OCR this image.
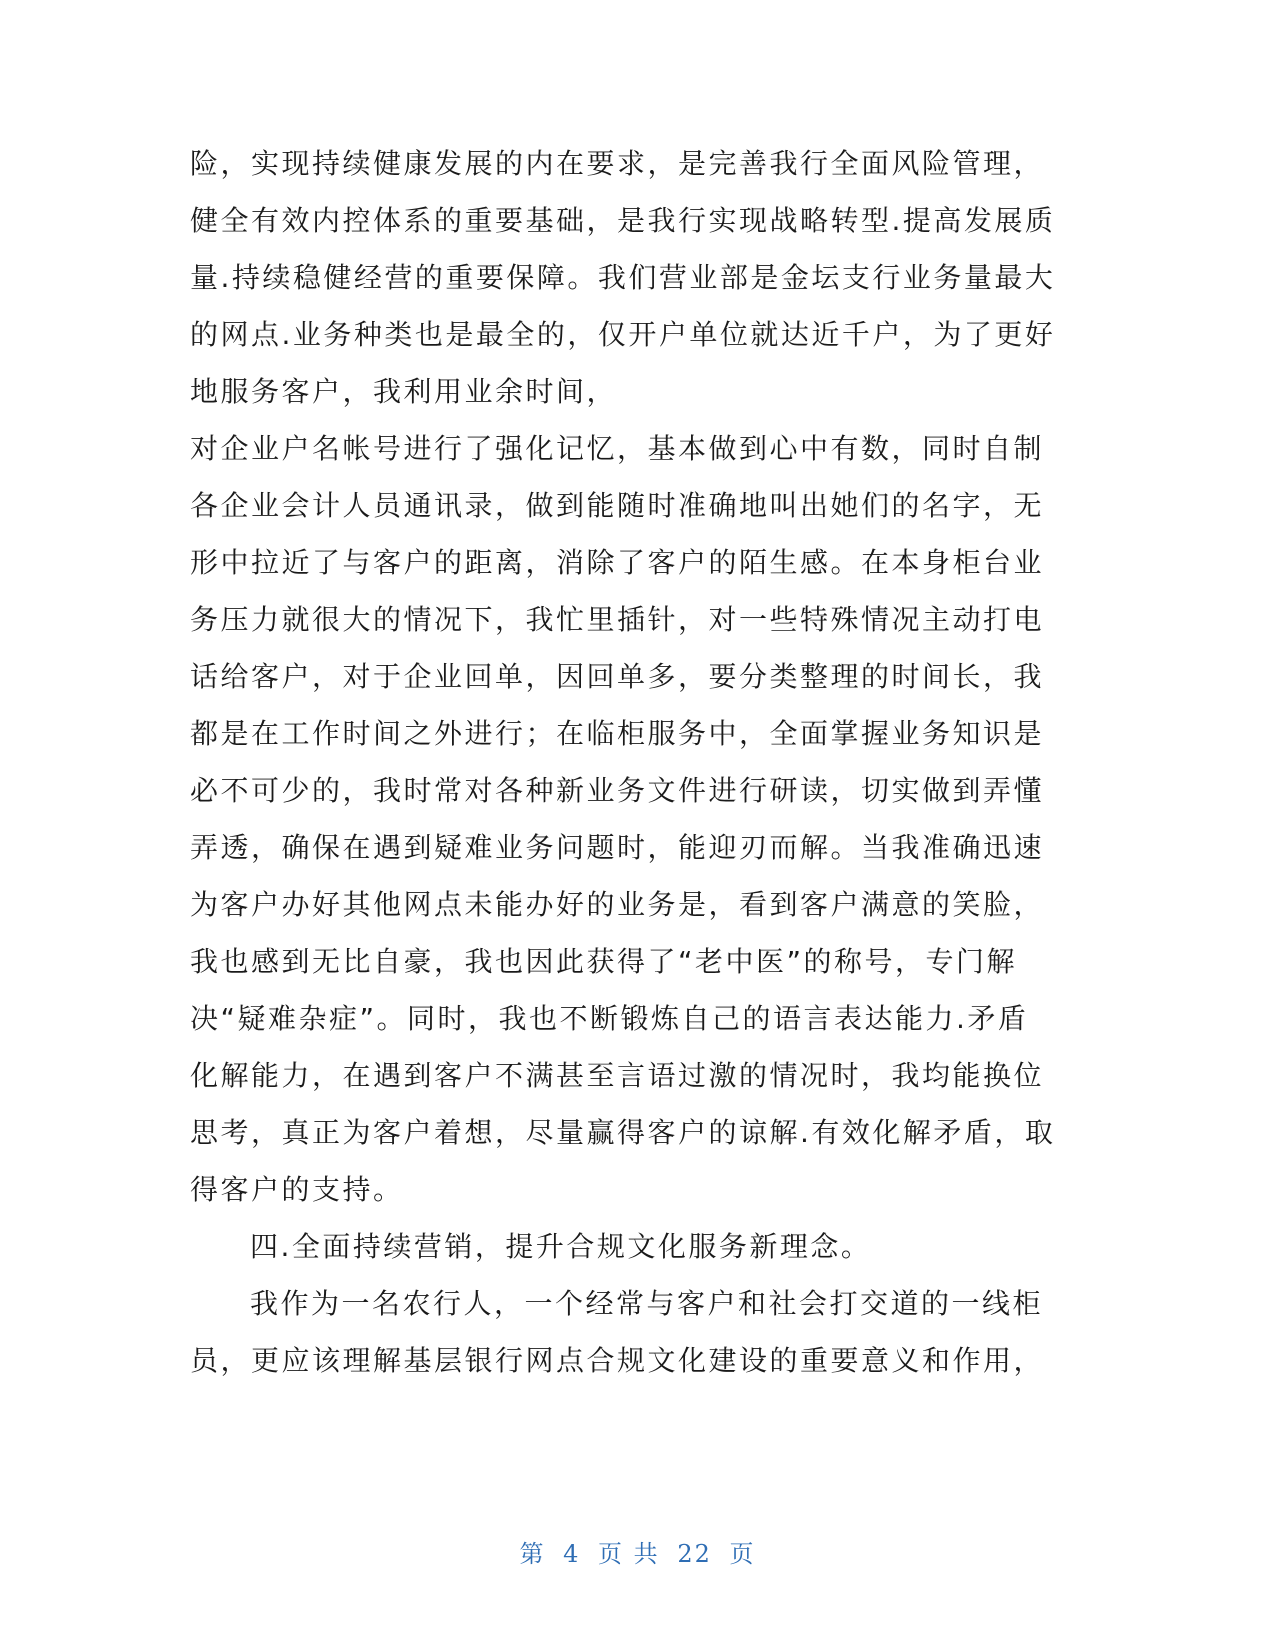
险，实现持续健康发展的内在要求，是完善我行全面风险管理，
健全有效内控体系的重要基础，是我行实现战略转型.提高发展质
量.持续稳健经营的重要保障。我们营业部是金坛支行业务量最大
的网点.业务种类也是最全的，仅开户单位就达近千户，为了更好
地服务客户，我利用业余时间，
对企业户名帐号进行了强化记忆，基本做到心中有数，同时自制
各企业会计人员通讯录，做到能随时准确地叫出她们的名字，无
形中拉近了与客户的距离，消除了客户的陌生感。在本身柜台业
务压力就很大的情况下，我忙里插针，对一些特殊情况主动打电
话给客户，对于企业回单，因回单多，要分类整理的时间长，我
都是在工作时间之外进行；在临柜服务中，全面掌握业务知识是
必不可少的，我时常对各种新业务文件进行研读，切实做到弄懂
弄透，确保在遇到疑难业务问题时，能迎刃而解。当我准确迅速
为客户办好其他网点未能办好的业务是，看到客户满意的笑脸，
我也感到无比自豪，我也因此获得了“老中医”的称号，专门解
决“疑难杂症”。同时，我也不断锻炼自己的语言表达能力.矛盾
化解能力，在遇到客户不满甚至言语过激的情况时，我均能换位
思考，真正为客户着想，尽量赢得客户的谅解.有效化解矛盾，取
得客户的支持。
四.全面持续营销，提升合规文化服务新理念。
我作为一名农行人，一个经常与客户和社会打交道的一线柜
员，更应该理解基层银行网点合规文化建设的重要意义和作用，
第 4 页 共 22 页
